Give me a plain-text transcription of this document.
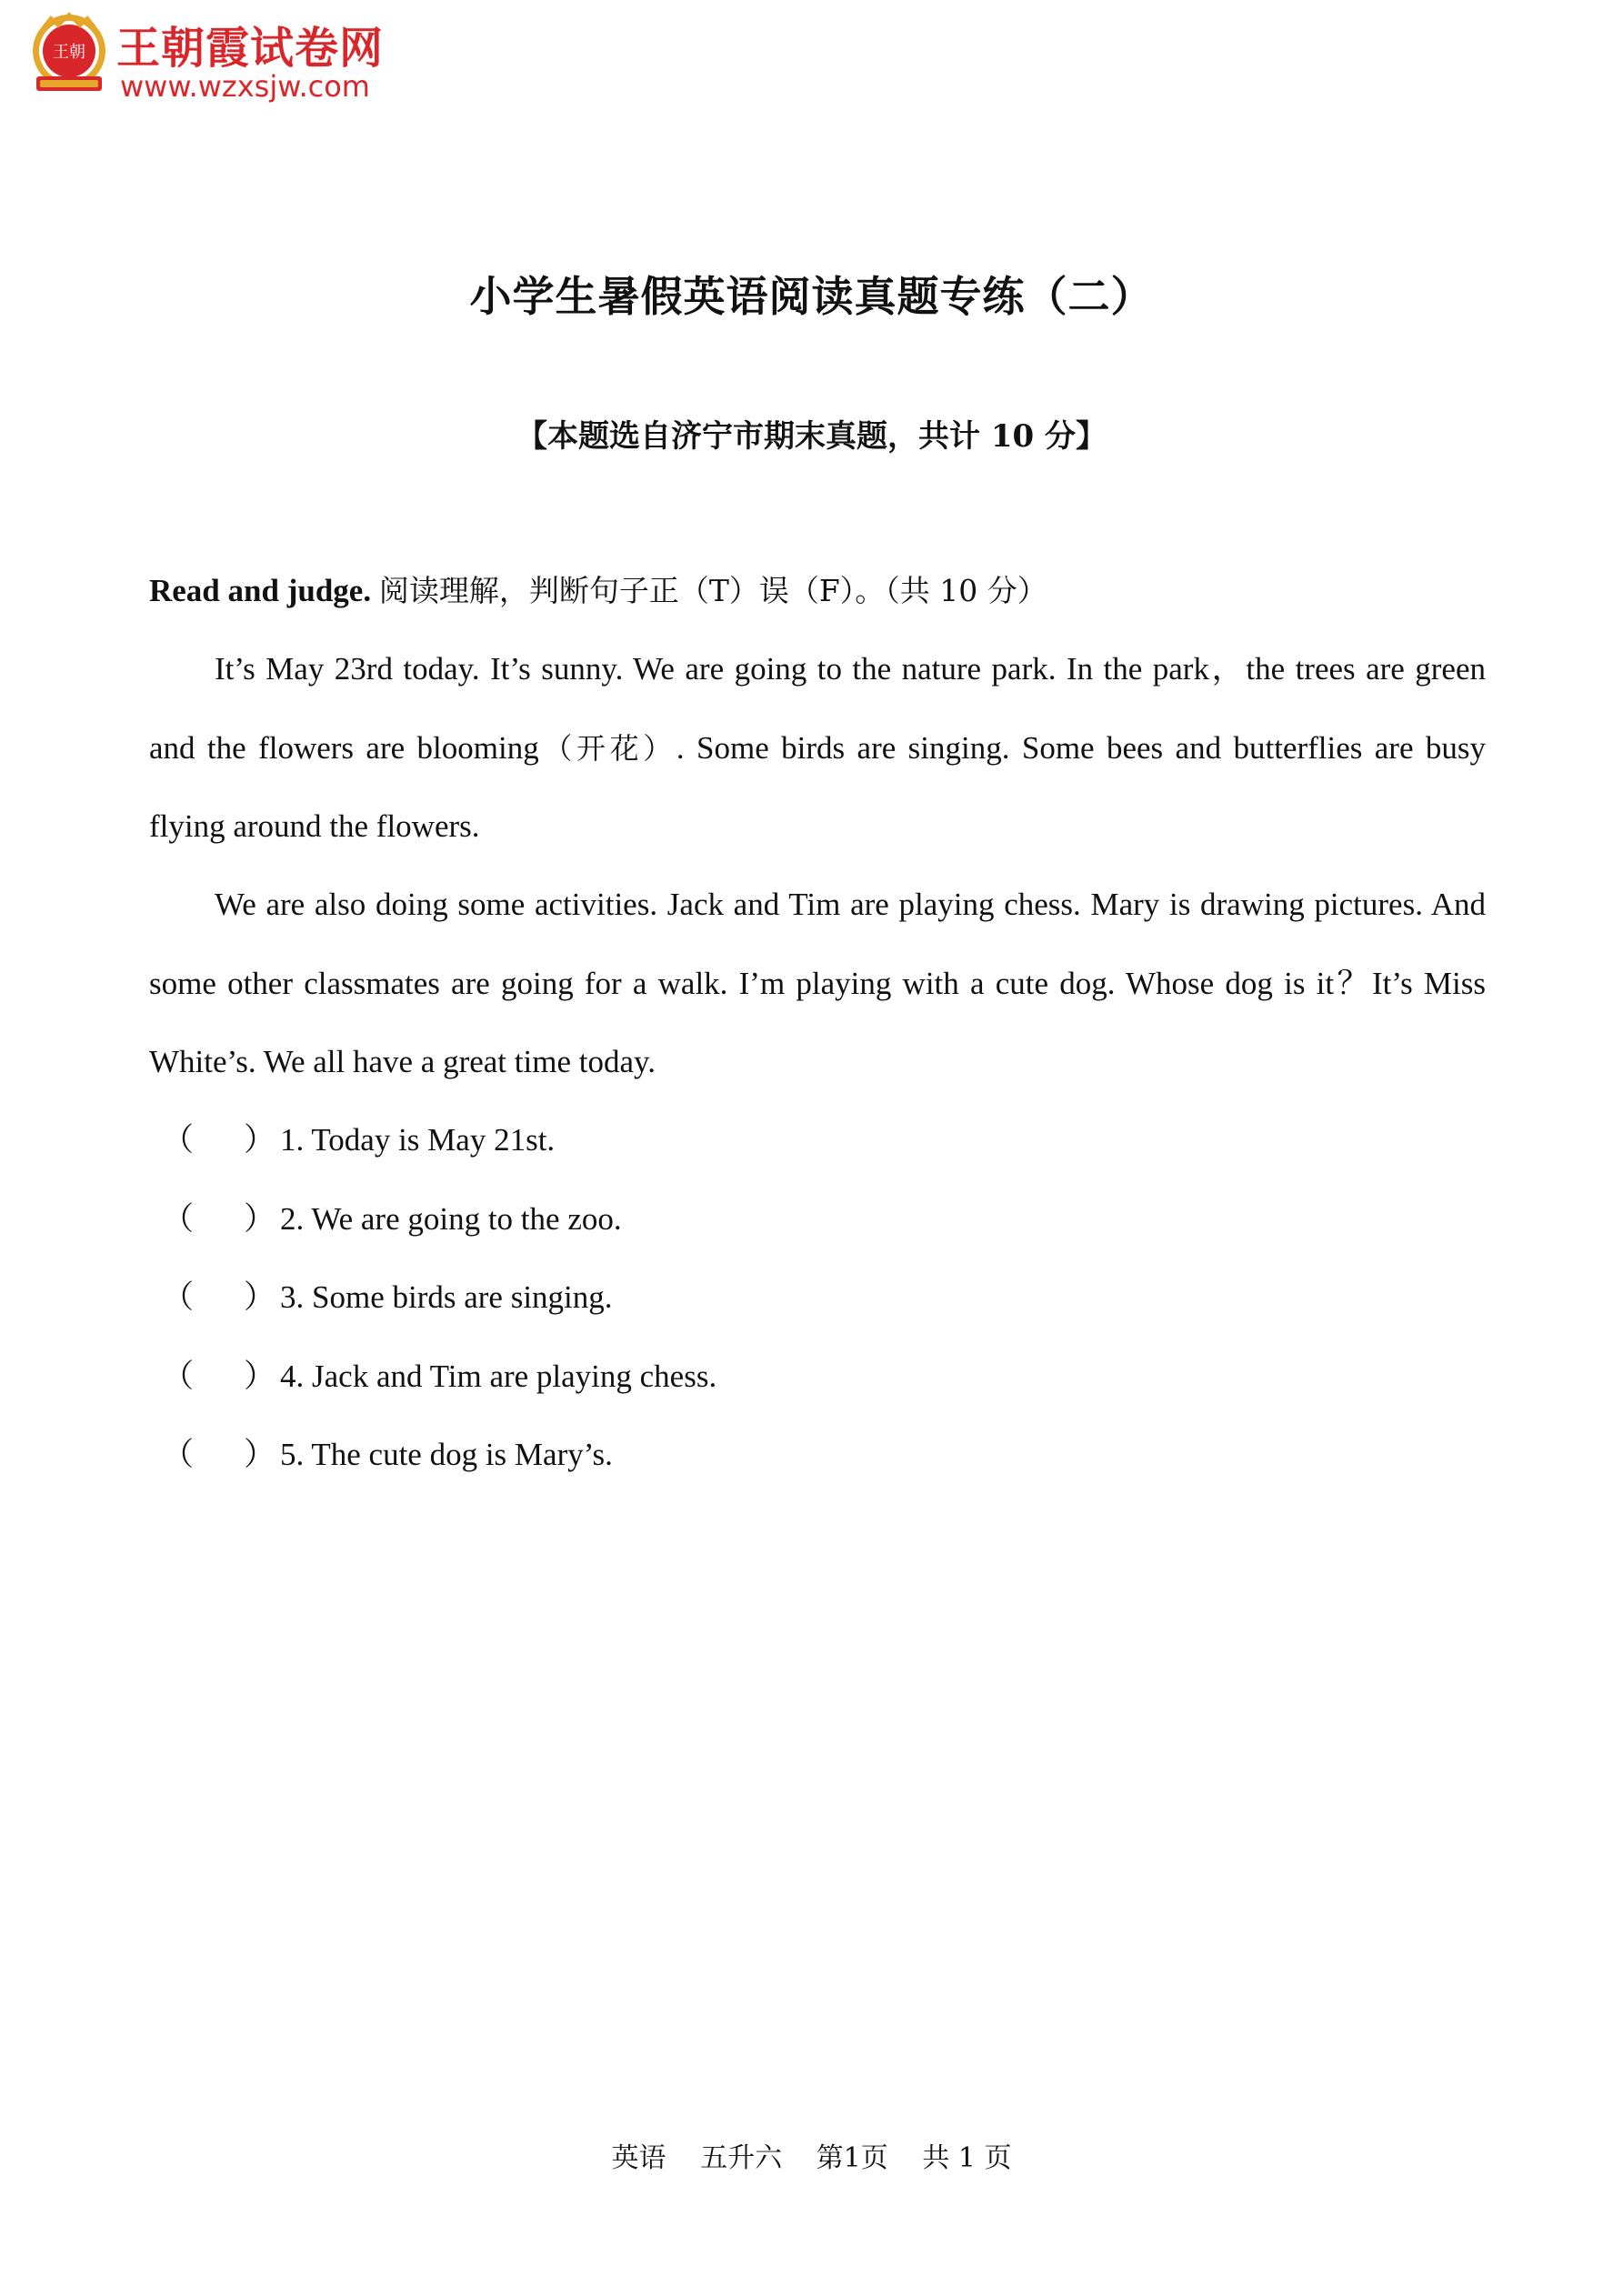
王朝 王朝霞试卷网
www.wzxsjw.com
小学生暑假英语阅读真题专练（二）
【本题选自济宁市期末真题，共计 10 分】
Read and judge. 阅读理解，判断句子正（T）误（F）。（共 10 分）
It’s May 23rd today. It’s sunny. We are going to the nature park. In the park，the trees are green and the flowers are blooming（开花）. Some birds are singing. Some bees and butterflies are busy flying around the flowers.
We are also doing some activities. Jack and Tim are playing chess. Mary is drawing pictures. And some other classmates are going for a walk. I’m playing with a cute dog. Whose dog is it？It’s Miss White’s. We all have a great time today.
（ ） 1. Today is May 21st.
（ ） 2. We are going to the zoo.
（ ） 3. Some birds are singing.
（ ） 4. Jack and Tim are playing chess.
（ ） 5. The cute dog is Mary’s.
英语 五升六 第1页 共 1 页
